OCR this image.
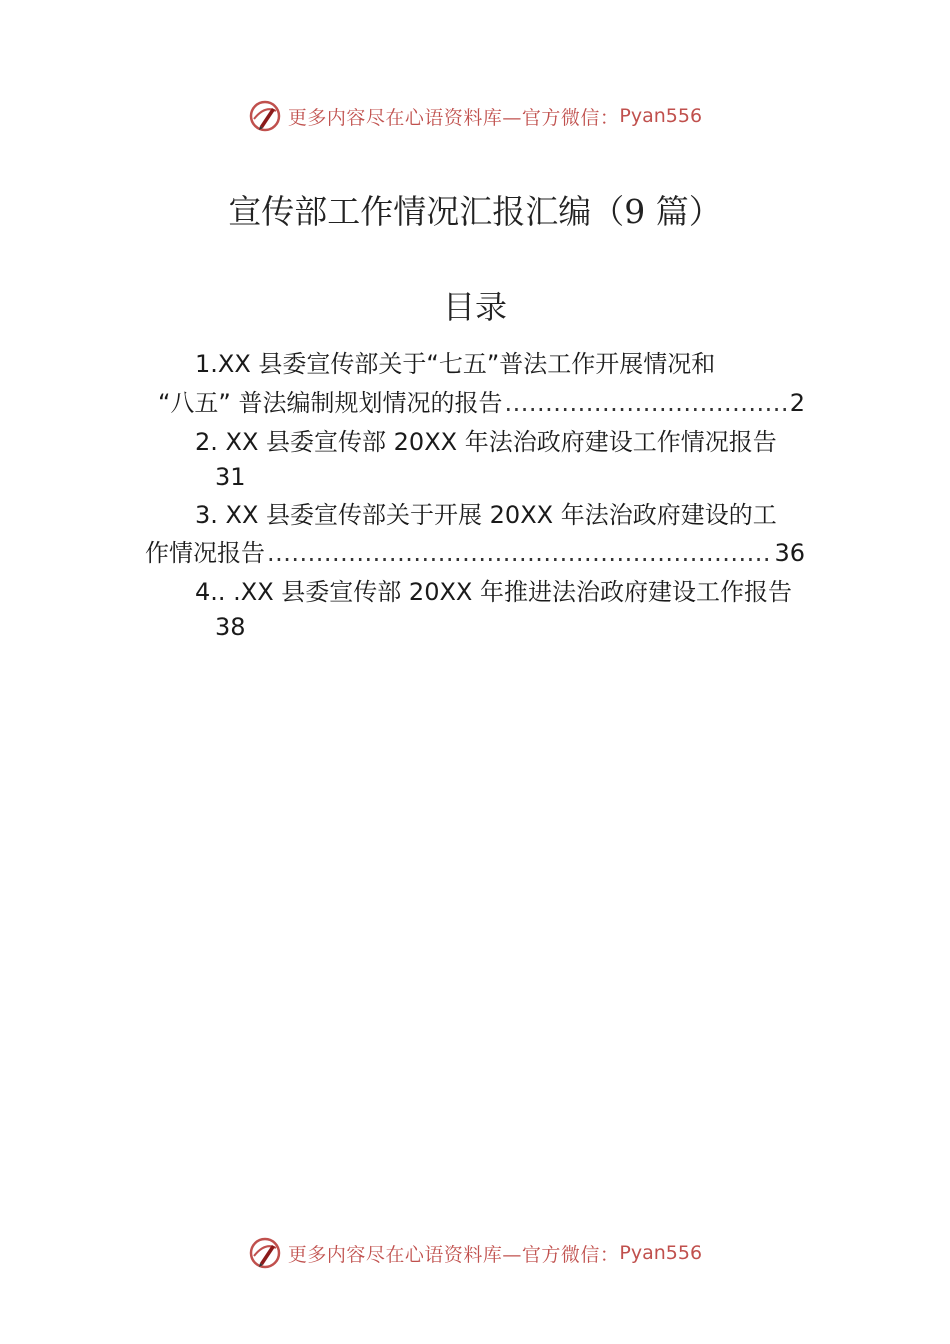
更多内容尽在心语资料库—官方微信： Pyan556
宣传部工作情况汇报汇编（9 篇）
目录
1.XX 县委宣传部关于“七五”普法工作开展情况和
“八五” 普法编制规划情况的报告 .....	2
2. XX 县委宣传部 20XX 年法治政府建设工作情况报告
31
3. XX 县委宣传部关于开展 20XX 年法治政府建设的工
作情况报告 .....	36
4.. .XX 县委宣传部 20XX 年推进法治政府建设工作报告
38
更多内容尽在心语资料库—官方微信： Pyan556
